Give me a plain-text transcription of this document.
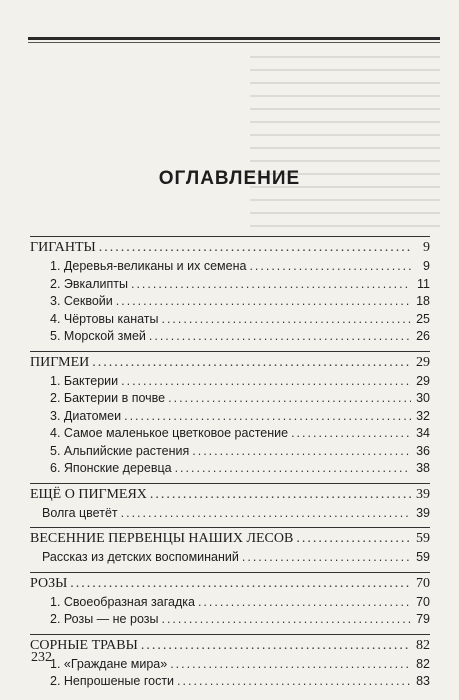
ОГЛАВЛЕНИЕ
ГИГАНТЫ .....	9
1. Деревья-великаны и их семена .....	9
2. Эвкалипты .....	11
3. Секвойи .....	18
4. Чёртовы канаты .....	25
5. Морской змей .....	26
ПИГМЕИ .....	29
1. Бактерии .....	29
2. Бактерии в почве .....	30
3. Диатомеи .....	32
4. Самое маленькое цветковое растение .....	34
5. Альпийские растения .....	36
6. Японские деревца .....	38
ЕЩЁ О ПИГМЕЯХ .....	39
Волга цветёт .....	39
ВЕСЕННИЕ ПЕРВЕНЦЫ НАШИХ ЛЕСОВ .....	59
Рассказ из детских воспоминаний .....	59
РОЗЫ .....	70
1. Своеобразная загадка .....	70
2. Розы — не розы .....	79
СОРНЫЕ ТРАВЫ .....	82
1. «Граждане мира» .....	82
2. Непрошеные гости .....	83
232
